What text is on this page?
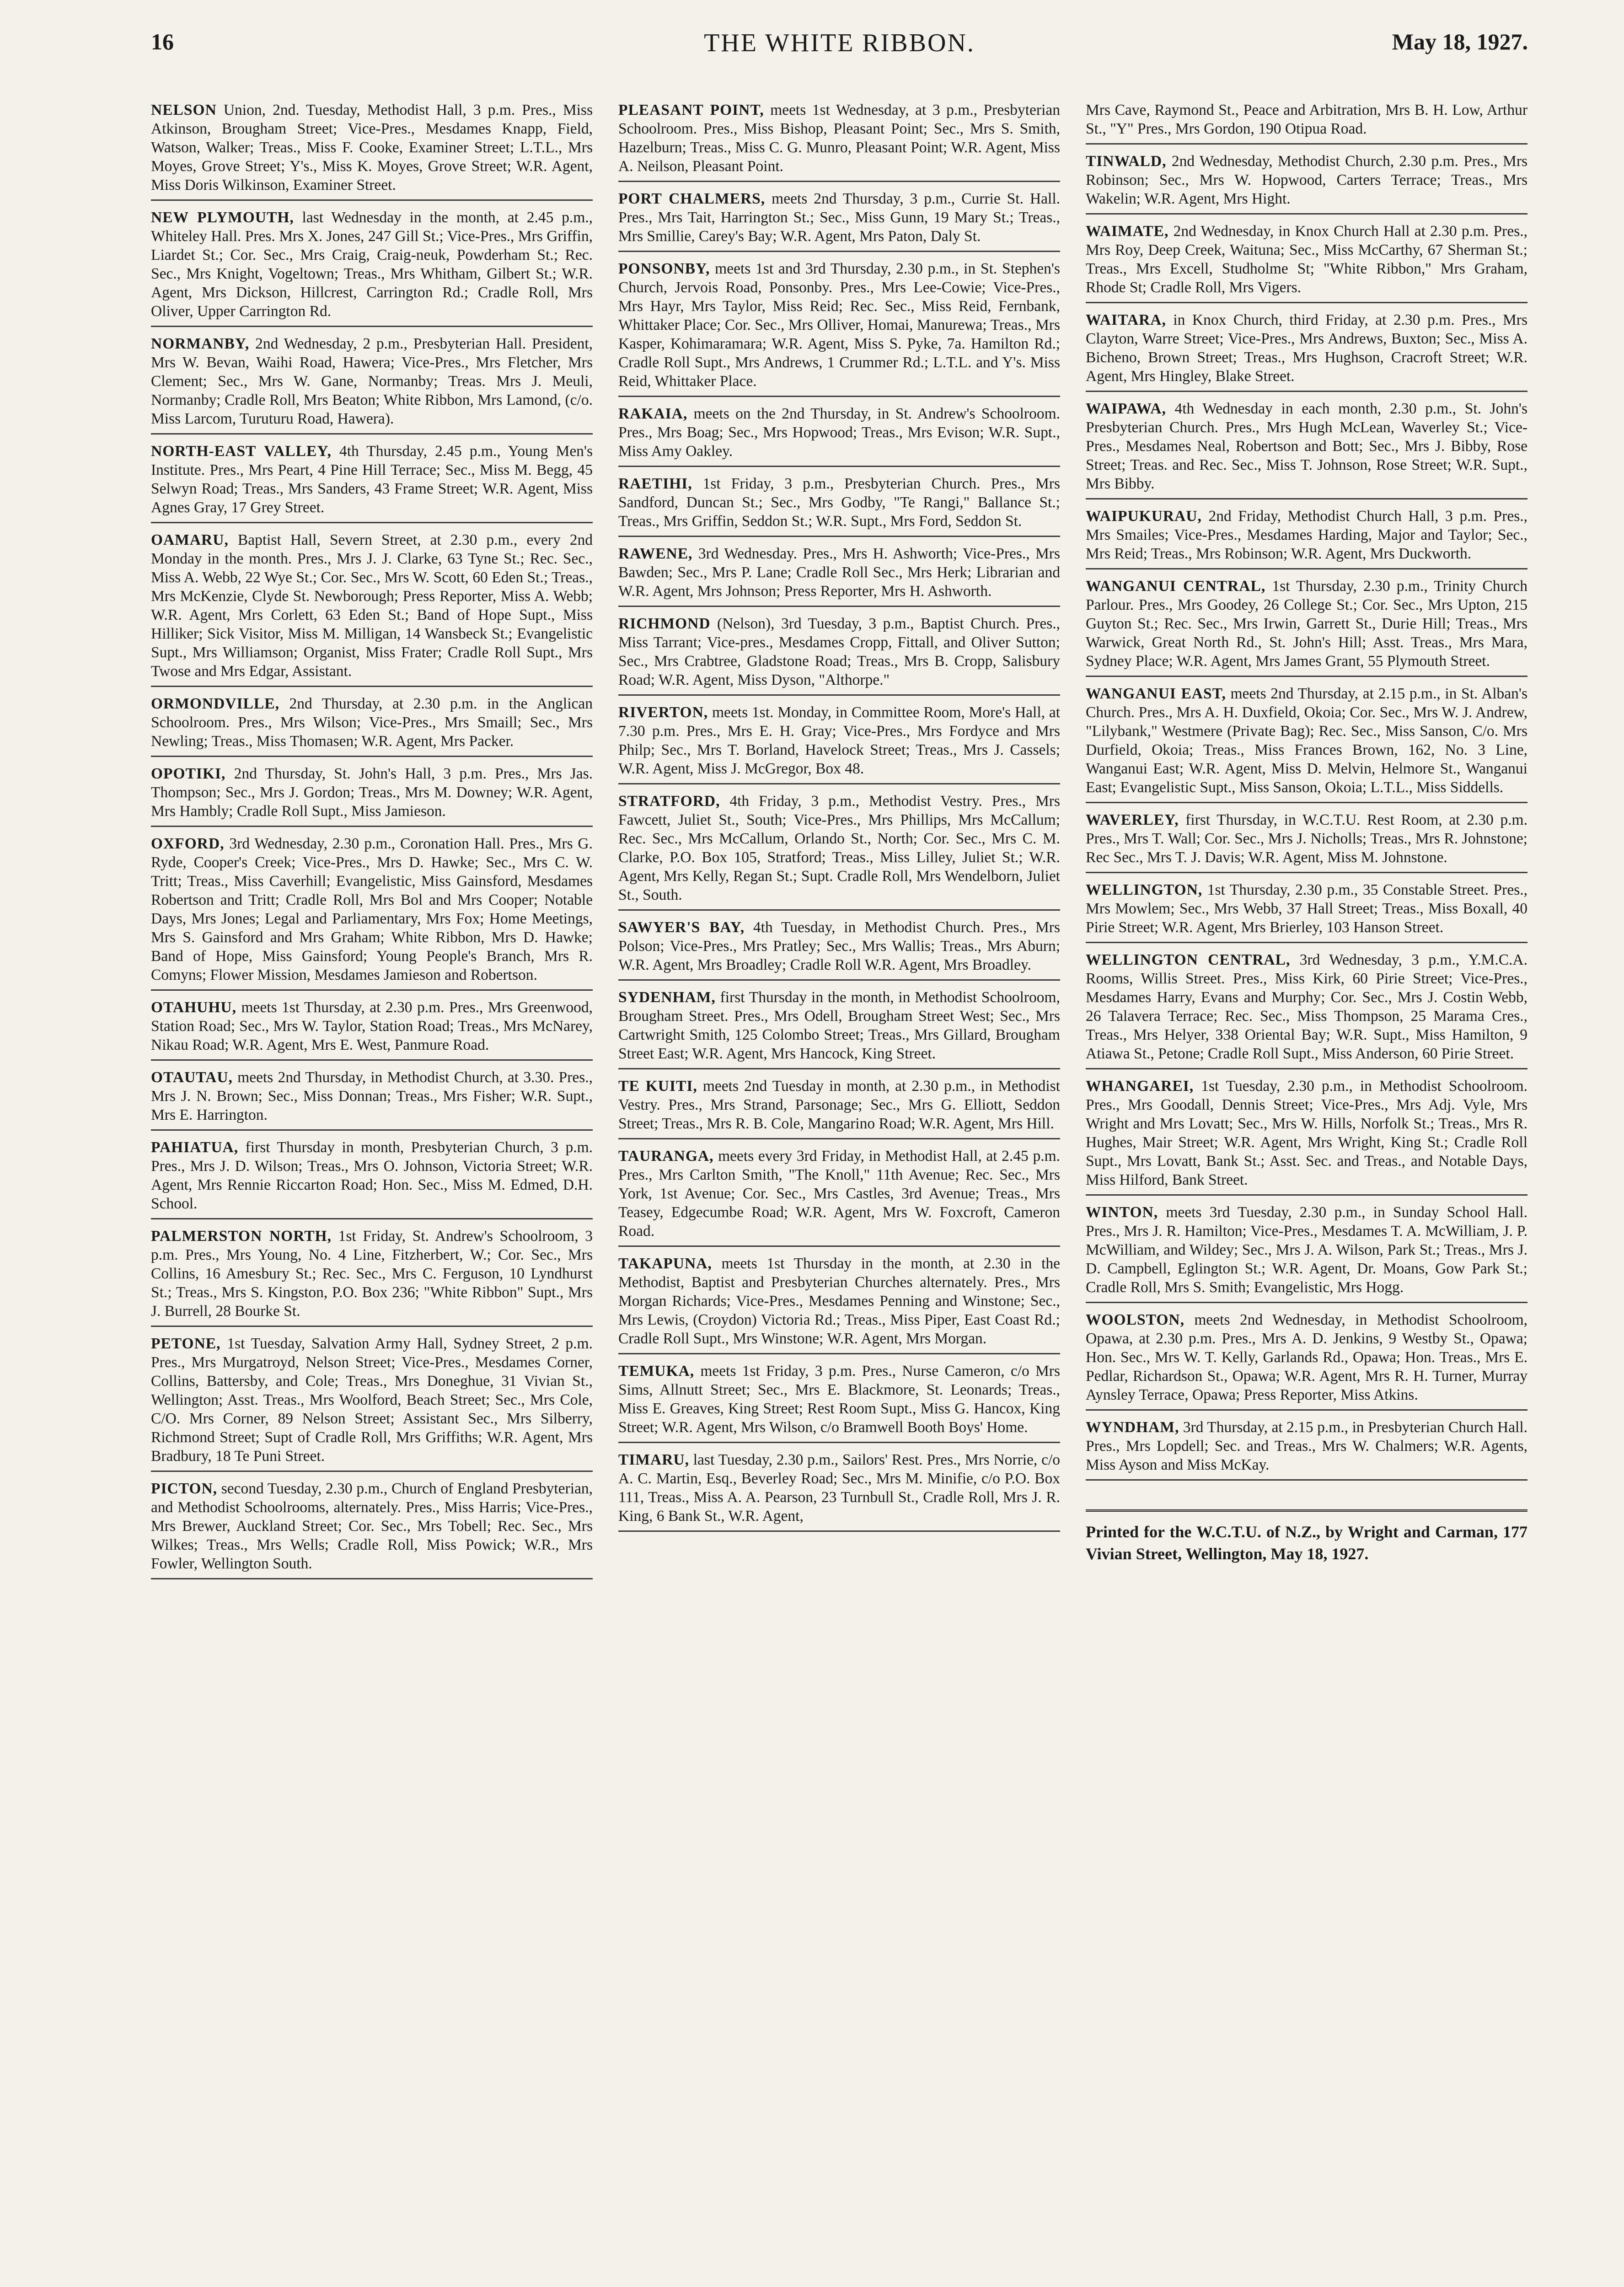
16	THE WHITE RIBBON.	May 18, 1927.
NELSON Union, 2nd. Tuesday, Methodist Hall, 3 p.m. Pres., Miss Atkinson, Brougham Street; Vice-Pres., Mesdames Knapp, Field, Watson, Walker; Treas., Miss F. Cooke, Examiner Street; L.T.L., Mrs Moyes, Grove Street; Y's., Miss K. Moyes, Grove Street; W.R. Agent, Miss Doris Wilkinson, Examiner Street.
NEW PLYMOUTH, last Wednesday in the month, at 2.45 p.m., Whiteley Hall. Pres. Mrs X. Jones, 247 Gill St.; Vice-Pres., Mrs Griffin, Liardet St.; Cor. Sec., Mrs Craig, Craig-neuk, Powderham St.; Rec. Sec., Mrs Knight, Vogeltown; Treas., Mrs Whitham, Gilbert St.; W.R. Agent, Mrs Dickson, Hillcrest, Carrington Rd.; Cradle Roll, Mrs Oliver, Upper Carrington Rd.
NORMANBY, 2nd Wednesday, 2 p.m., Presbyterian Hall. President, Mrs W. Bevan, Waihi Road, Hawera; Vice-Pres., Mrs Fletcher, Mrs Clement; Sec., Mrs W. Gane, Normanby; Treas. Mrs J. Meuli, Normanby; Cradle Roll, Mrs Beaton; White Ribbon, Mrs Lamond, (c/o. Miss Larcom, Turuturu Road, Hawera).
NORTH-EAST VALLEY, 4th Thursday, 2.45 p.m., Young Men's Institute. Pres., Mrs Peart, 4 Pine Hill Terrace; Sec., Miss M. Begg, 45 Selwyn Road; Treas., Mrs Sanders, 43 Frame Street; W.R. Agent, Miss Agnes Gray, 17 Grey Street.
OAMARU, Baptist Hall, Severn Street, at 2.30 p.m., every 2nd Monday in the month. Pres., Mrs J. J. Clarke, 63 Tyne St.; Rec. Sec., Miss A. Webb, 22 Wye St.; Cor. Sec., Mrs W. Scott, 60 Eden St.; Treas., Mrs McKenzie, Clyde St. Newborough; Press Reporter, Miss A. Webb; W.R. Agent, Mrs Corlett, 63 Eden St.; Band of Hope Supt., Miss Hilliker; Sick Visitor, Miss M. Milligan, 14 Wansbeck St.; Evangelistic Supt., Mrs Williamson; Organist, Miss Frater; Cradle Roll Supt., Mrs Twose and Mrs Edgar, Assistant.
ORMONDVILLE, 2nd Thursday, at 2.30 p.m. in the Anglican Schoolroom. Pres., Mrs Wilson; Vice-Pres., Mrs Smaill; Sec., Mrs Newling; Treas., Miss Thomasen; W.R. Agent, Mrs Packer.
OPOTIKI, 2nd Thursday, St. John's Hall, 3 p.m. Pres., Mrs Jas. Thompson; Sec., Mrs J. Gordon; Treas., Mrs M. Downey; W.R. Agent, Mrs Hambly; Cradle Roll Supt., Miss Jamieson.
OXFORD, 3rd Wednesday, 2.30 p.m., Coronation Hall. Pres., Mrs G. Ryde, Cooper's Creek; Vice-Pres., Mrs D. Hawke; Sec., Mrs C. W. Tritt; Treas., Miss Caverhill; Evangelistic, Miss Gainsford, Mesdames Robertson and Tritt; Cradle Roll, Mrs Bol and Mrs Cooper; Notable Days, Mrs Jones; Legal and Parliamentary, Mrs Fox; Home Meetings, Mrs S. Gainsford and Mrs Graham; White Ribbon, Mrs D. Hawke; Band of Hope, Miss Gainsford; Young People's Branch, Mrs R. Comyns; Flower Mission, Mesdames Jamieson and Robertson.
OTAHUHU, meets 1st Thursday, at 2.30 p.m. Pres., Mrs Greenwood, Station Road; Sec., Mrs W. Taylor, Station Road; Treas., Mrs McNarey, Nikau Road; W.R. Agent, Mrs E. West, Panmure Road.
OTAUTAU, meets 2nd Thursday, in Methodist Church, at 3.30. Pres., Mrs J. N. Brown; Sec., Miss Donnan; Treas., Mrs Fisher; W.R. Supt., Mrs E. Harrington.
PAHIATUA, first Thursday in month, Presbyterian Church, 3 p.m. Pres., Mrs J. D. Wilson; Treas., Mrs O. Johnson, Victoria Street; W.R. Agent, Mrs Rennie Riccarton Road; Hon. Sec., Miss M. Edmed, D.H. School.
PALMERSTON NORTH, 1st Friday, St. Andrew's Schoolroom, 3 p.m. Pres., Mrs Young, No. 4 Line, Fitzherbert, W.; Cor. Sec., Mrs Collins, 16 Amesbury St.; Rec. Sec., Mrs C. Ferguson, 10 Lyndhurst St.; Treas., Mrs S. Kingston, P.O. Box 236; "White Ribbon" Supt., Mrs J. Burrell, 28 Bourke St.
PETONE, 1st Tuesday, Salvation Army Hall, Sydney Street, 2 p.m. Pres., Mrs Murgatroyd, Nelson Street; Vice-Pres., Mesdames Corner, Collins, Battersby, and Cole; Treas., Mrs Doneghue, 31 Vivian St., Wellington; Asst. Treas., Mrs Woolford, Beach Street; Sec., Mrs Cole, C/O. Mrs Corner, 89 Nelson Street; Assistant Sec., Mrs Silberry, Richmond Street; Supt of Cradle Roll, Mrs Griffiths; W.R. Agent, Mrs Bradbury, 18 Te Puni Street.
PICTON, second Tuesday, 2.30 p.m., Church of England Presbyterian, and Methodist Schoolrooms, alternately. Pres., Miss Harris; Vice-Pres., Mrs Brewer, Auckland Street; Cor. Sec., Mrs Tobell; Rec. Sec., Mrs Wilkes; Treas., Mrs Wells; Cradle Roll, Miss Powick; W.R., Mrs Fowler, Wellington South.
PLEASANT POINT, meets 1st Wednesday, at 3 p.m., Presbyterian Schoolroom. Pres., Miss Bishop, Pleasant Point; Sec., Mrs S. Smith, Hazelburn; Treas., Miss C. G. Munro, Pleasant Point; W.R. Agent, Miss A. Neilson, Pleasant Point.
PORT CHALMERS, meets 2nd Thursday, 3 p.m., Currie St. Hall. Pres., Mrs Tait, Harrington St.; Sec., Miss Gunn, 19 Mary St.; Treas., Mrs Smillie, Carey's Bay; W.R. Agent, Mrs Paton, Daly St.
PONSONBY, meets 1st and 3rd Thursday, 2.30 p.m., in St. Stephen's Church, Jervois Road, Ponsonby. Pres., Mrs Lee-Cowie; Vice-Pres., Mrs Hayr, Mrs Taylor, Miss Reid; Rec. Sec., Miss Reid, Fernbank, Whittaker Place; Cor. Sec., Mrs Olliver, Homai, Manurewa; Treas., Mrs Kasper, Kohimaramara; W.R. Agent, Miss S. Pyke, 7a. Hamilton Rd.; Cradle Roll Supt., Mrs Andrews, 1 Crummer Rd.; L.T.L. and Y's. Miss Reid, Whittaker Place.
RAKAIA, meets on the 2nd Thursday, in St. Andrew's Schoolroom. Pres., Mrs Boag; Sec., Mrs Hopwood; Treas., Mrs Evison; W.R. Supt., Miss Amy Oakley.
RAETIHI, 1st Friday, 3 p.m., Presbyterian Church. Pres., Mrs Sandford, Duncan St.; Sec., Mrs Godby, "Te Rangi," Ballance St.; Treas., Mrs Griffin, Seddon St.; W.R. Supt., Mrs Ford, Seddon St.
RAWENE, 3rd Wednesday. Pres., Mrs H. Ashworth; Vice-Pres., Mrs Bawden; Sec., Mrs P. Lane; Cradle Roll Sec., Mrs Herk; Librarian and W.R. Agent, Mrs Johnson; Press Reporter, Mrs H. Ashworth.
RICHMOND (Nelson), 3rd Tuesday, 3 p.m., Baptist Church. Pres., Miss Tarrant; Vice-pres., Mesdames Cropp, Fittall, and Oliver Sutton; Sec., Mrs Crabtree, Gladstone Road; Treas., Mrs B. Cropp, Salisbury Road; W.R. Agent, Miss Dyson, "Althorpe."
RIVERTON, meets 1st. Monday, in Committee Room, More's Hall, at 7.30 p.m. Pres., Mrs E. H. Gray; Vice-Pres., Mrs Fordyce and Mrs Philp; Sec., Mrs T. Borland, Havelock Street; Treas., Mrs J. Cassels; W.R. Agent, Miss J. McGregor, Box 48.
STRATFORD, 4th Friday, 3 p.m., Methodist Vestry. Pres., Mrs Fawcett, Juliet St., South; Vice-Pres., Mrs Phillips, Mrs McCallum; Rec. Sec., Mrs McCallum, Orlando St., North; Cor. Sec., Mrs C. M. Clarke, P.O. Box 105, Stratford; Treas., Miss Lilley, Juliet St.; W.R. Agent, Mrs Kelly, Regan St.; Supt. Cradle Roll, Mrs Wendelborn, Juliet St., South.
SAWYER'S BAY, 4th Tuesday, in Methodist Church. Pres., Mrs Polson; Vice-Pres., Mrs Pratley; Sec., Mrs Wallis; Treas., Mrs Aburn; W.R. Agent, Mrs Broadley; Cradle Roll W.R. Agent, Mrs Broadley.
SYDENHAM, first Thursday in the month, in Methodist Schoolroom, Brougham Street. Pres., Mrs Odell, Brougham Street West; Sec., Mrs Cartwright Smith, 125 Colombo Street; Treas., Mrs Gillard, Brougham Street East; W.R. Agent, Mrs Hancock, King Street.
TE KUITI, meets 2nd Tuesday in month, at 2.30 p.m., in Methodist Vestry. Pres., Mrs Strand, Parsonage; Sec., Mrs G. Elliott, Seddon Street; Treas., Mrs R. B. Cole, Mangarino Road; W.R. Agent, Mrs Hill.
TAURANGA, meets every 3rd Friday, in Methodist Hall, at 2.45 p.m. Pres., Mrs Carlton Smith, "The Knoll," 11th Avenue; Rec. Sec., Mrs York, 1st Avenue; Cor. Sec., Mrs Castles, 3rd Avenue; Treas., Mrs Teasey, Edgecumbe Road; W.R. Agent, Mrs W. Foxcroft, Cameron Road.
TAKAPUNA, meets 1st Thursday in the month, at 2.30 in the Methodist, Baptist and Presbyterian Churches alternately. Pres., Mrs Morgan Richards; Vice-Pres., Mesdames Penning and Winstone; Sec., Mrs Lewis, (Croydon) Victoria Rd.; Treas., Miss Piper, East Coast Rd.; Cradle Roll Supt., Mrs Winstone; W.R. Agent, Mrs Morgan.
TEMUKA, meets 1st Friday, 3 p.m. Pres., Nurse Cameron, c/o Mrs Sims, Allnutt Street; Sec., Mrs E. Blackmore, St. Leonards; Treas., Miss E. Greaves, King Street; Rest Room Supt., Miss G. Hancox, King Street; W.R. Agent, Mrs Wilson, c/o Bramwell Booth Boys' Home.
TIMARU, last Tuesday, 2.30 p.m., Sailors' Rest. Pres., Mrs Norrie, c/o A. C. Martin, Esq., Beverley Road; Sec., Mrs M. Minifie, c/o P.O. Box 111, Treas., Miss A. A. Pearson, 23 Turnbull St., Cradle Roll, Mrs J. R. King, 6 Bank St., W.R. Agent,
Mrs Cave, Raymond St., Peace and Arbitration, Mrs B. H. Low, Arthur St., "Y" Pres., Mrs Gordon, 190 Otipua Road.
TINWALD, 2nd Wednesday, Methodist Church, 2.30 p.m. Pres., Mrs Robinson; Sec., Mrs W. Hopwood, Carters Terrace; Treas., Mrs Wakelin; W.R. Agent, Mrs Hight.
WAIMATE, 2nd Wednesday, in Knox Church Hall at 2.30 p.m. Pres., Mrs Roy, Deep Creek, Waituna; Sec., Miss McCarthy, 67 Sherman St.; Treas., Mrs Excell, Studholme St; "White Ribbon," Mrs Graham, Rhode St; Cradle Roll, Mrs Vigers.
WAITARA, in Knox Church, third Friday, at 2.30 p.m. Pres., Mrs Clayton, Warre Street; Vice-Pres., Mrs Andrews, Buxton; Sec., Miss A. Bicheno, Brown Street; Treas., Mrs Hughson, Cracroft Street; W.R. Agent, Mrs Hingley, Blake Street.
WAIPAWA, 4th Wednesday in each month, 2.30 p.m., St. John's Presbyterian Church. Pres., Mrs Hugh McLean, Waverley St.; Vice-Pres., Mesdames Neal, Robertson and Bott; Sec., Mrs J. Bibby, Rose Street; Treas. and Rec. Sec., Miss T. Johnson, Rose Street; W.R. Supt., Mrs Bibby.
WAIPUKURAU, 2nd Friday, Methodist Church Hall, 3 p.m. Pres., Mrs Smailes; Vice-Pres., Mesdames Harding, Major and Taylor; Sec., Mrs Reid; Treas., Mrs Robinson; W.R. Agent, Mrs Duckworth.
WANGANUI CENTRAL, 1st Thursday, 2.30 p.m., Trinity Church Parlour. Pres., Mrs Goodey, 26 College St.; Cor. Sec., Mrs Upton, 215 Guyton St.; Rec. Sec., Mrs Irwin, Garrett St., Durie Hill; Treas., Mrs Warwick, Great North Rd., St. John's Hill; Asst. Treas., Mrs Mara, Sydney Place; W.R. Agent, Mrs James Grant, 55 Plymouth Street.
WANGANUI EAST, meets 2nd Thursday, at 2.15 p.m., in St. Alban's Church. Pres., Mrs A. H. Duxfield, Okoia; Cor. Sec., Mrs W. J. Andrew, "Lilybank," Westmere (Private Bag); Rec. Sec., Miss Sanson, C/o. Mrs Durfield, Okoia; Treas., Miss Frances Brown, 162, No. 3 Line, Wanganui East; W.R. Agent, Miss D. Melvin, Helmore St., Wanganui East; Evangelistic Supt., Miss Sanson, Okoia; L.T.L., Miss Siddells.
WAVERLEY, first Thursday, in W.C.T.U. Rest Room, at 2.30 p.m. Pres., Mrs T. Wall; Cor. Sec., Mrs J. Nicholls; Treas., Mrs R. Johnstone; Rec Sec., Mrs T. J. Davis; W.R. Agent, Miss M. Johnstone.
WELLINGTON, 1st Thursday, 2.30 p.m., 35 Constable Street. Pres., Mrs Mowlem; Sec., Mrs Webb, 37 Hall Street; Treas., Miss Boxall, 40 Pirie Street; W.R. Agent, Mrs Brierley, 103 Hanson Street.
WELLINGTON CENTRAL, 3rd Wednesday, 3 p.m., Y.M.C.A. Rooms, Willis Street. Pres., Miss Kirk, 60 Pirie Street; Vice-Pres., Mesdames Harry, Evans and Murphy; Cor. Sec., Mrs J. Costin Webb, 26 Talavera Terrace; Rec. Sec., Miss Thompson, 25 Marama Cres., Treas., Mrs Helyer, 338 Oriental Bay; W.R. Supt., Miss Hamilton, 9 Atiawa St., Petone; Cradle Roll Supt., Miss Anderson, 60 Pirie Street.
WHANGAREI, 1st Tuesday, 2.30 p.m., in Methodist Schoolroom. Pres., Mrs Goodall, Dennis Street; Vice-Pres., Mrs Adj. Vyle, Mrs Wright and Mrs Lovatt; Sec., Mrs W. Hills, Norfolk St.; Treas., Mrs R. Hughes, Mair Street; W.R. Agent, Mrs Wright, King St.; Cradle Roll Supt., Mrs Lovatt, Bank St.; Asst. Sec. and Treas., and Notable Days, Miss Hilford, Bank Street.
WINTON, meets 3rd Tuesday, 2.30 p.m., in Sunday School Hall. Pres., Mrs J. R. Hamilton; Vice-Pres., Mesdames T. A. McWilliam, J. P. McWilliam, and Wildey; Sec., Mrs J. A. Wilson, Park St.; Treas., Mrs J. D. Campbell, Eglington St.; W.R. Agent, Dr. Moans, Gow Park St.; Cradle Roll, Mrs S. Smith; Evangelistic, Mrs Hogg.
WOOLSTON, meets 2nd Wednesday, in Methodist Schoolroom, Opawa, at 2.30 p.m. Pres., Mrs A. D. Jenkins, 9 Westby St., Opawa; Hon. Sec., Mrs W. T. Kelly, Garlands Rd., Opawa; Hon. Treas., Mrs E. Pedlar, Richardson St., Opawa; W.R. Agent, Mrs R. H. Turner, Murray Aynsley Terrace, Opawa; Press Reporter, Miss Atkins.
WYNDHAM, 3rd Thursday, at 2.15 p.m., in Presbyterian Church Hall. Pres., Mrs Lopdell; Sec. and Treas., Mrs W. Chalmers; W.R. Agents, Miss Ayson and Miss McKay.
Printed for the W.C.T.U. of N.Z., by Wright and Carman, 177 Vivian Street, Wellington, May 18, 1927.
